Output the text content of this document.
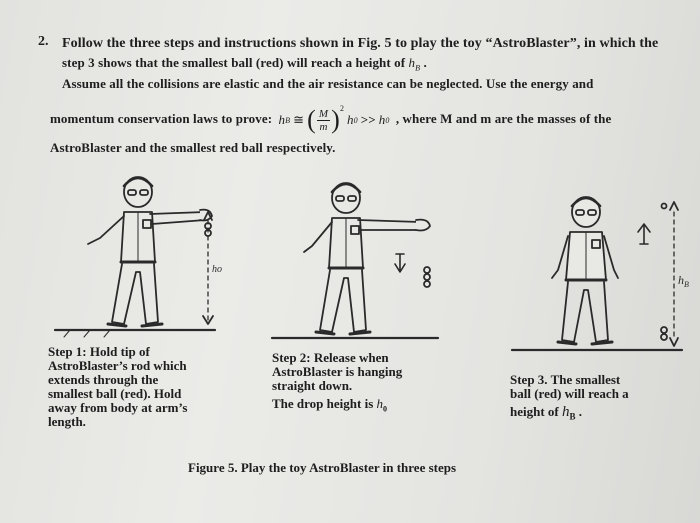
2. Follow the three steps and instructions shown in Fig. 5 to play the toy “AstroBlaster”, in which the
step 3 shows that the smallest ball (red) will reach a height of $h_B$ .
Assume all the collisions are elastic and the air resistance can be neglected. Use the energy and
momentum conservation laws to prove: h B ≅ ( $\frac{M}{m}$ ) 2
h 0 >> h 0 , where M and m are the masses of the
AstroBlaster and the smallest red ball respectively.
ho
$h_B$
Step 1: Hold tip of
AstroBlaster’s rod which
extends through the
smallest ball (red). Hold
away from body at arm’s
length.
Step 2: Release when
AstroBlaster is hanging
straight down.
The drop height is $h_0$
Step 3. The smallest
ball (red) will reach a
height of $h_B$ .
Figure 5. Play the toy AstroBlaster in three steps
